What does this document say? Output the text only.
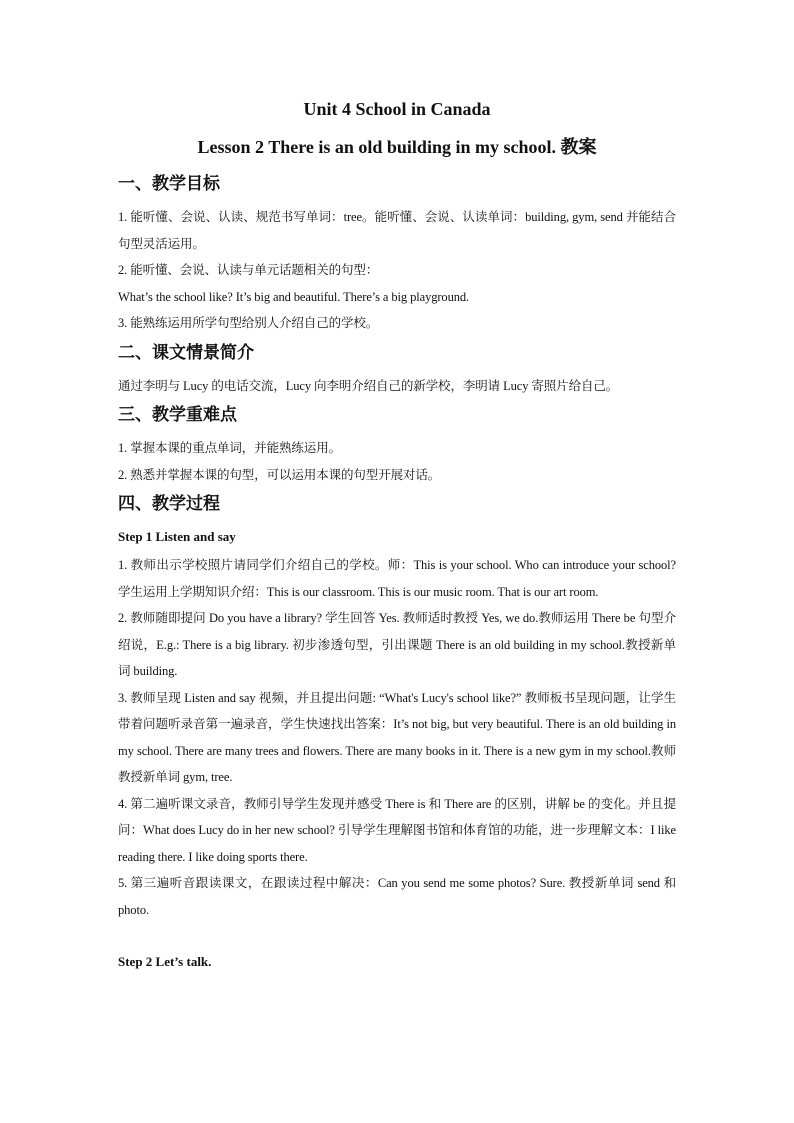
Unit 4 School in Canada

Lesson 2 There is an old building in my school. 教案

一、教学目标

1. 能听懂、会说、认读、规范书写单词：tree。能听懂、会说、认读单词：building, gym, send 并能结合句型灵活运用。

2. 能听懂、会说、认读与单元话题相关的句型：

What’s the school like? It’s big and beautiful. There’s a big playground.

3. 能熟练运用所学句型给别人介绍自己的学校。

二、课文情景简介

通过李明与 Lucy 的电话交流，Lucy 向李明介绍自己的新学校，李明请 Lucy 寄照片给自己。

三、教学重难点

1. 掌握本课的重点单词，并能熟练运用。

2. 熟悉并掌握本课的句型，可以运用本课的句型开展对话。

四、教学过程

Step 1 Listen and say

1. 教师出示学校照片请同学们介绍自己的学校。师：This is your school. Who can introduce your school? 学生运用上学期知识介绍：This is our classroom. This is our music room. That is our art room.

2. 教师随即提问 Do you have a library? 学生回答 Yes. 教师适时教授 Yes, we do.教师运用 There be 句型介绍说，E.g.: There is a big library. 初步渗透句型，引出课题 There is an old building in my school.教授新单词 building.

3. 教师呈现 Listen and say 视频，并且提出问题: “What's Lucy's school like?” 教师板书呈现问题，让学生带着问题听录音第一遍录音，学生快速找出答案：It’s not big, but very beautiful. There is an old building in my school. There are many trees and flowers. There are many books in it. There is a new gym in my school.教师教授新单词 gym, tree.

4. 第二遍听课文录音，教师引导学生发现并感受 There is 和 There are 的区别，讲解 be 的变化。并且提问：What does Lucy do in her new school? 引导学生理解图书馆和体育馆的功能，进一步理解文本：I like reading there. I like doing sports there.

5. 第三遍听音跟读课文，在跟读过程中解决：Can you send me some photos? Sure. 教授新单词 send 和 photo.

Step 2 Let’s talk.
